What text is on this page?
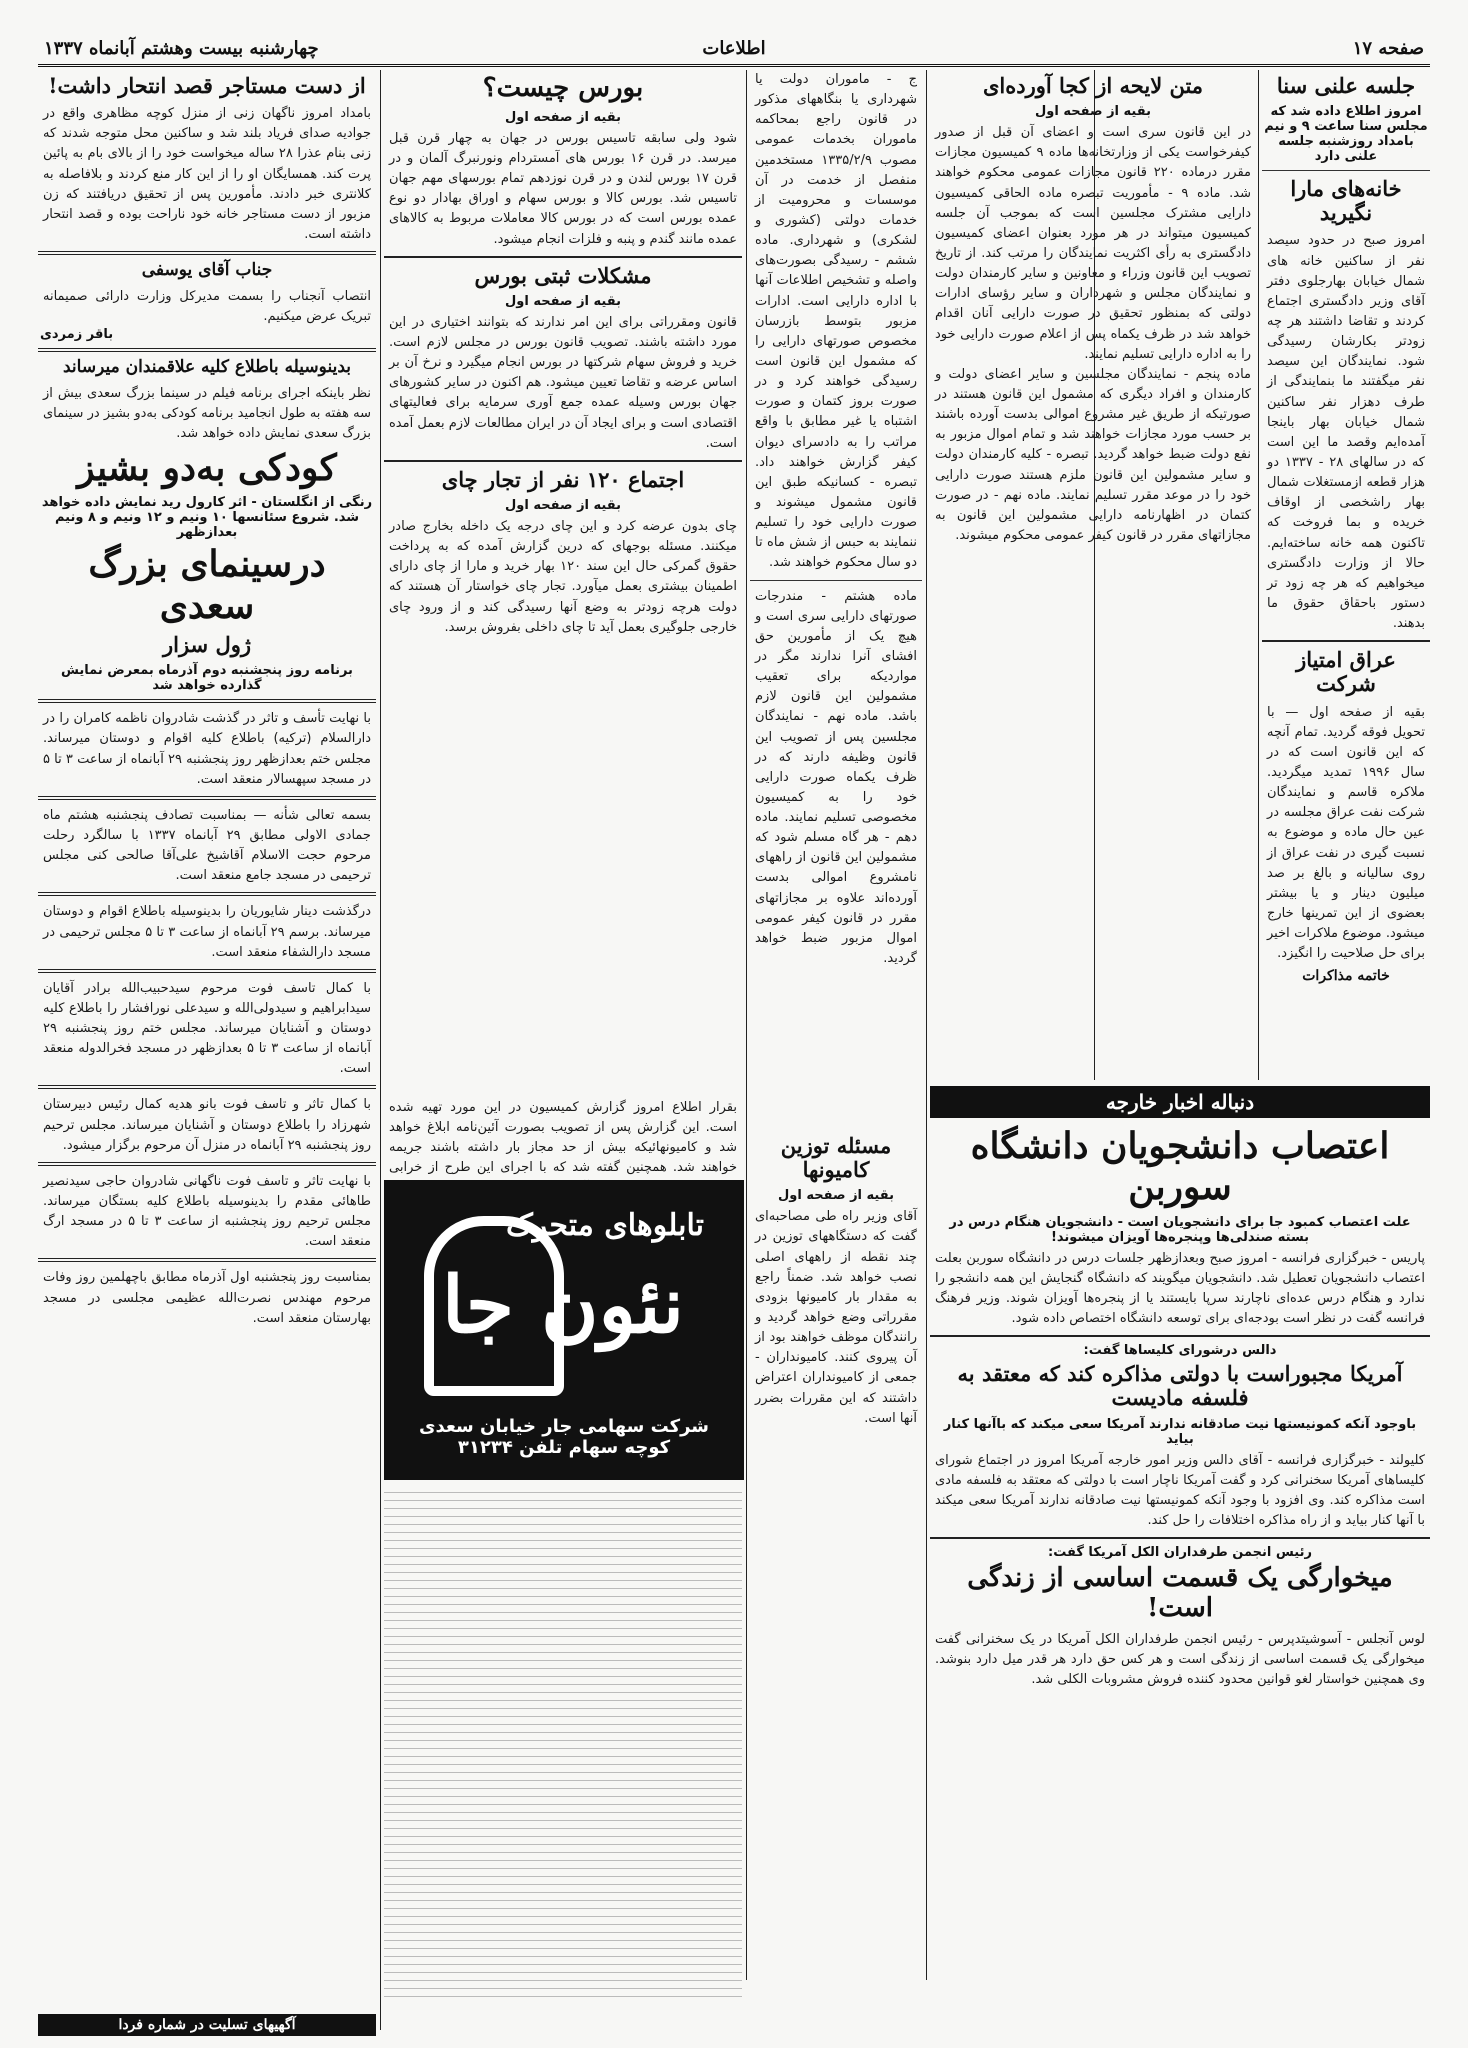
صفحه ۱۷
اطلاعات
چهارشنبه بیست وهشتم آبانماه ۱۳۳۷
جلسه علنی سنا
امروز اطلاع داده شد که مجلس سنا ساعت ۹ و نیم بامداد روزشنبه جلسه علنی دارد
خانه‌های مارا نگیرید
امروز صبح در حدود سیصد نفر از ساکنین خانه های شمال خیابان بهارجلوی دفتر آقای وزیر دادگستری اجتماع کردند و تقاضا داشتند هر چه زودتر بکارشان رسیدگی شود. نمایندگان این سیصد نفر میگفتند ما بنمایندگی از طرف دهزار نفر ساکنین شمال خیابان بهار باینجا آمده‌ایم وقصد ما این است که در سالهای ۲۸ - ۱۳۳۷ دو هزار قطعه ازمستغلات شمال بهار راشخصی از اوقاف خریده و بما فروخت که تاکنون همه خانه ساخته‌ایم. حالا از وزارت دادگستری میخواهیم که هر چه زود تر دستور باحقاق حقوق ما بدهند.
عراق امتیاز شرکت
بقیه از صفحه اول — با تحویل فوقه گردید. تمام آنچه که این قانون است که در سال ۱۹۹۶ تمدید میگردید. ملاکره قاسم و نمایندگان شرکت نفت عراق مجلسه در عین حال ماده و موضوع به نسبت گیری در نفت عراق از روی سالیانه و بالغ بر صد میلیون دینار و یا بیشتر بعضوی از این تمرینها خارج میشود. موضوع ملاکرات اخیر برای حل صلاحیت را انگیزد.
خاتمه مذاکرات
متن لایحه از کجا آورده‌ای
بقیه از صفحه اول
در این قانون سری است و اعضای آن قبل از صدور کیفرخواست یکی از وزارتخانه‌ها ماده ۹ کمیسیون مجازات مقرر درماده ۲۲۰ قانون مجازات عمومی محکوم خواهند شد. ماده ۹ - مأموریت تبصره ماده الحاقی کمیسیون دارایی مشترک مجلسین است که بموجب آن جلسه کمیسیون میتواند در هر مورد بعنوان اعضای کمیسیون دادگستری به رأی اکثریت نمایندگان را مرتب کند. از تاریخ تصویب این قانون وزراء و معاونین و سایر کارمندان دولت و نمایندگان مجلس و شهرداران و سایر رؤسای ادارات دولتی که بمنظور تحقیق در صورت دارایی آنان اقدام خواهد شد در ظرف یکماه پس از اعلام صورت دارایی خود را به اداره دارایی تسلیم نمایند.
ماده پنجم - نمایندگان مجلسین و سایر اعضای دولت و کارمندان و افراد دیگری که مشمول این قانون هستند در صورتیکه از طریق غیر مشروع اموالی بدست آورده باشند بر حسب مورد مجازات خواهند شد و تمام اموال مزبور به نفع دولت ضبط خواهد گردید. تبصره - کلیه کارمندان دولت و سایر مشمولین این قانون ملزم هستند صورت دارایی خود را در موعد مقرر تسلیم نمایند. ماده نهم - در صورت کتمان در اظهارنامه دارایی مشمولین این قانون به مجازاتهای مقرر در قانون کیفر عمومی محکوم میشوند.
ج - ماموران دولت یا شهرداری یا بنگاههای مذکور در قانون راجع بمحاکمه ماموران بخدمات عمومی مصوب ۱۳۳۵/۲/۹ مستخدمین منفصل از خدمت در آن موسسات و محرومیت از خدمات دولتی (کشوری و لشکری) و شهرداری. ماده ششم - رسیدگی بصورت‌های واصله و تشخیص اطلاعات آنها با اداره دارایی است. ادارات مزبور بتوسط بازرسان مخصوص صورتهای دارایی را که مشمول این قانون است رسیدگی خواهند کرد و در صورت بروز کتمان و صورت اشتباه یا غیر مطابق با واقع مراتب را به دادسرای دیوان کیفر گزارش خواهند داد. تبصره - کسانیکه طبق این قانون مشمول میشوند و صورت دارایی خود را تسلیم ننمایند به حبس از شش ماه تا دو سال محکوم خواهند شد.
ماده هشتم - مندرجات صورتهای دارایی سری است و هیچ یک از مأمورین حق افشای آنرا ندارند مگر در مواردیکه برای تعقیب مشمولین این قانون لازم باشد. ماده نهم - نمایندگان مجلسین پس از تصویب این قانون وظیفه دارند که در ظرف یکماه صورت دارایی خود را به کمیسیون مخصوصی تسلیم نمایند. ماده دهم - هر گاه مسلم شود که مشمولین این قانون از راههای نامشروع اموالی بدست آورده‌اند علاوه بر مجازاتهای مقرر در قانون کیفر عمومی اموال مزبور ضبط خواهد گردید.
بورس چیست؟
بقیه از صفحه اول
شود ولی سابقه تاسیس بورس در جهان به چهار قرن قبل میرسد. در قرن ۱۶ بورس های آمستردام ونورنبرگ آلمان و در قرن ۱۷ بورس لندن و در قرن نوزدهم تمام بورسهای مهم جهان تاسیس شد. بورس کالا و بورس سهام و اوراق بهادار دو نوع عمده بورس است که در بورس کالا معاملات مربوط به کالاهای عمده مانند گندم و پنبه و فلزات انجام میشود.
مشکلات ثبتی بورس
بقیه از صفحه اول
قانون ومقرراتی برای این امر ندارند که بتوانند اختیاری در این مورد داشته باشند. تصویب قانون بورس در مجلس لازم است. خرید و فروش سهام شرکتها در بورس انجام میگیرد و نرخ آن بر اساس عرضه و تقاضا تعیین میشود. هم اکنون در سایر کشورهای جهان بورس وسیله عمده جمع آوری سرمایه برای فعالیتهای اقتصادی است و برای ایجاد آن در ایران مطالعات لازم بعمل آمده است.
اجتماع ۱۲۰ نفر از تجار چای
بقیه از صفحه اول
چای بدون عرضه کرد و این چای درجه یک داخله بخارج صادر میکنند. مسئله بوجهای که درین گزارش آمده که به پرداخت حقوق گمرکی حال این سند ۱۲۰ بهار خرید و مارا از چای دارای اطمینان بیشتری بعمل میآورد. تجار چای خواستار آن هستند که دولت هرچه زودتر به وضع آنها رسیدگی کند و از ورود چای خارجی جلوگیری بعمل آید تا چای داخلی بفروش برسد.
از دست مستاجر قصد انتحار داشت!
بامداد امروز ناگهان زنی از منزل کوچه مظاهری واقع در جوادیه صدای فریاد بلند شد و ساکنین محل متوجه شدند که زنی بنام عذرا ۲۸ ساله میخواست خود را از بالای بام به پائین پرت کند. همسایگان او را از این کار منع کردند و بلافاصله به کلانتری خبر دادند. مأمورین پس از تحقیق دریافتند که زن مزبور از دست مستاجر خانه خود ناراحت بوده و قصد انتحار داشته است.
جناب آقای یوسفی
انتصاب آنجناب را بسمت مدیرکل وزارت دارائی صمیمانه تبریک عرض میکنیم.
باقر زمردی
بدینوسیله باطلاع کلیه علاقمندان میرساند
نظر باینکه اجرای برنامه فیلم در سینما بزرگ سعدی بیش از سه هفته به طول انجامید برنامه کودکی به‌دو بشیز در سینمای بزرگ سعدی نمایش داده خواهد شد.
کودکی به‌دو بشیز
رنگی از انگلستان - اثر کارول رید نمایش داده خواهد شد. شروع سئانسها ۱۰ ونیم و ۱۲ ونیم و ۸ ونیم بعدازظهر
درسینمای بزرگ سعدی
ژول سزار
برنامه روز پنجشنبه دوم آذرماه بمعرض نمایش گذارده خواهد شد
با نهایت تأسف و تاثر در گذشت شادروان ناظمه کامران را در دارالسلام (ترکیه) باطلاع کلیه اقوام و دوستان میرساند. مجلس ختم بعدازظهر روز پنجشنبه ۲۹ آبانماه از ساعت ۳ تا ۵ در مسجد سپهسالار منعقد است.
بسمه تعالی شأنه — بمناسبت تصادف پنجشنبه هشتم ماه جمادی الاولی مطابق ۲۹ آبانماه ۱۳۳۷ با سالگرد رحلت مرحوم حجت الاسلام آقاشیخ علی‌آقا صالحی کنی مجلس ترحیمی در مسجد جامع منعقد است.
درگذشت دینار شایوریان را بدینوسیله باطلاع اقوام و دوستان میرساند. برسم ۲۹ آبانماه از ساعت ۳ تا ۵ مجلس ترحیمی در مسجد دارالشفاء منعقد است.
با کمال تاسف فوت مرحوم سیدحبیب‌الله برادر آقایان سیدابراهیم و سیدولی‌الله و سیدعلی نورافشار را باطلاع کلیه دوستان و آشنایان میرساند. مجلس ختم روز پنجشنبه ۲۹ آبانماه از ساعت ۳ تا ۵ بعدازظهر در مسجد فخرالدوله منعقد است.
با کمال تاثر و تاسف فوت بانو هدیه کمال رئیس دبیرستان شهرزاد را باطلاع دوستان و آشنایان میرساند. مجلس ترحیم روز پنجشنبه ۲۹ آبانماه در منزل آن مرحوم برگزار میشود.
با نهایت تاثر و تاسف فوت ناگهانی شادروان حاجی سیدنصیر طاهائی مقدم را بدینوسیله باطلاع کلیه بستگان میرساند. مجلس ترحیم روز پنجشنبه از ساعت ۳ تا ۵ در مسجد ارگ منعقد است.
بمناسبت روز پنجشنبه اول آذرماه مطابق باچهلمین روز وفات مرحوم مهندس نصرت‌الله عظیمی مجلسی در مسجد بهارستان منعقد است.
آگهیهای تسلیت در شماره فردا
دنباله اخبار خارجه
اعتصاب دانشجویان دانشگاه سوربن
علت اعتصاب کمبود جا برای دانشجویان است - دانشجویان هنگام درس در بسته صندلی‌ها وپنجره‌ها آویزان میشوند!
پاریس - خبرگزاری فرانسه - امروز صبح وبعدازظهر جلسات درس در دانشگاه سوربن بعلت اعتصاب دانشجویان تعطیل شد. دانشجویان میگویند که دانشگاه گنجایش این همه دانشجو را ندارد و هنگام درس عده‌ای ناچارند سرپا بایستند یا از پنجره‌ها آویزان شوند. وزیر فرهنگ فرانسه گفت در نظر است بودجه‌ای برای توسعه دانشگاه اختصاص داده شود.
دالس درشورای کلیساها گفت:
آمریکا مجبوراست با دولتی مذاکره کند که معتقد به فلسفه مادیست
باوجود آنکه کمونیستها نیت صادقانه ندارند آمریکا سعی میکند که باآنها کنار بیاید
کلیولند - خبرگزاری فرانسه - آقای دالس وزیر امور خارجه آمریکا امروز در اجتماع شورای کلیساهای آمریکا سخنرانی کرد و گفت آمریکا ناچار است با دولتی که معتقد به فلسفه مادی است مذاکره کند. وی افزود با وجود آنکه کمونیستها نیت صادقانه ندارند آمریکا سعی میکند با آنها کنار بیاید و از راه مذاکره اختلافات را حل کند.
رئیس انجمن طرفداران الکل آمریکا گفت:
میخوارگی یک قسمت اساسی از زندگی است!
لوس آنجلس - آسوشیتدپرس - رئیس انجمن طرفداران الکل آمریکا در یک سخنرانی گفت میخوارگی یک قسمت اساسی از زندگی است و هر کس حق دارد هر قدر میل دارد بنوشد. وی همچنین خواستار لغو قوانین محدود کننده فروش مشروبات الکلی شد.
مسئله توزین کامیونها
بقیه از صفحه اول
آقای وزیر راه طی مصاحبه‌ای گفت که دستگاههای توزین در چند نقطه از راههای اصلی نصب خواهد شد. ضمناً راجع به مقدار بار کامیونها بزودی مقرراتی وضع خواهد گردید و رانندگان موظف خواهند بود از آن پیروی کنند. کامیونداران - جمعی از کامیونداران اعتراض داشتند که این مقررات بضرر آنها است.
بقرار اطلاع امروز گزارش کمیسیون در این مورد تهیه شده است. این گزارش پس از تصویب بصورت آئین‌نامه ابلاغ خواهد شد و کامیونهائیکه بیش از حد مجاز بار داشته باشند جریمه خواهند شد. همچنین گفته شد که با اجرای این طرح از خرابی
تابلوهای متحرک
نئون جا
شرکت سهامی جار خیابان سعدی کوچه سهام تلفن ۳۱۲۳۴
